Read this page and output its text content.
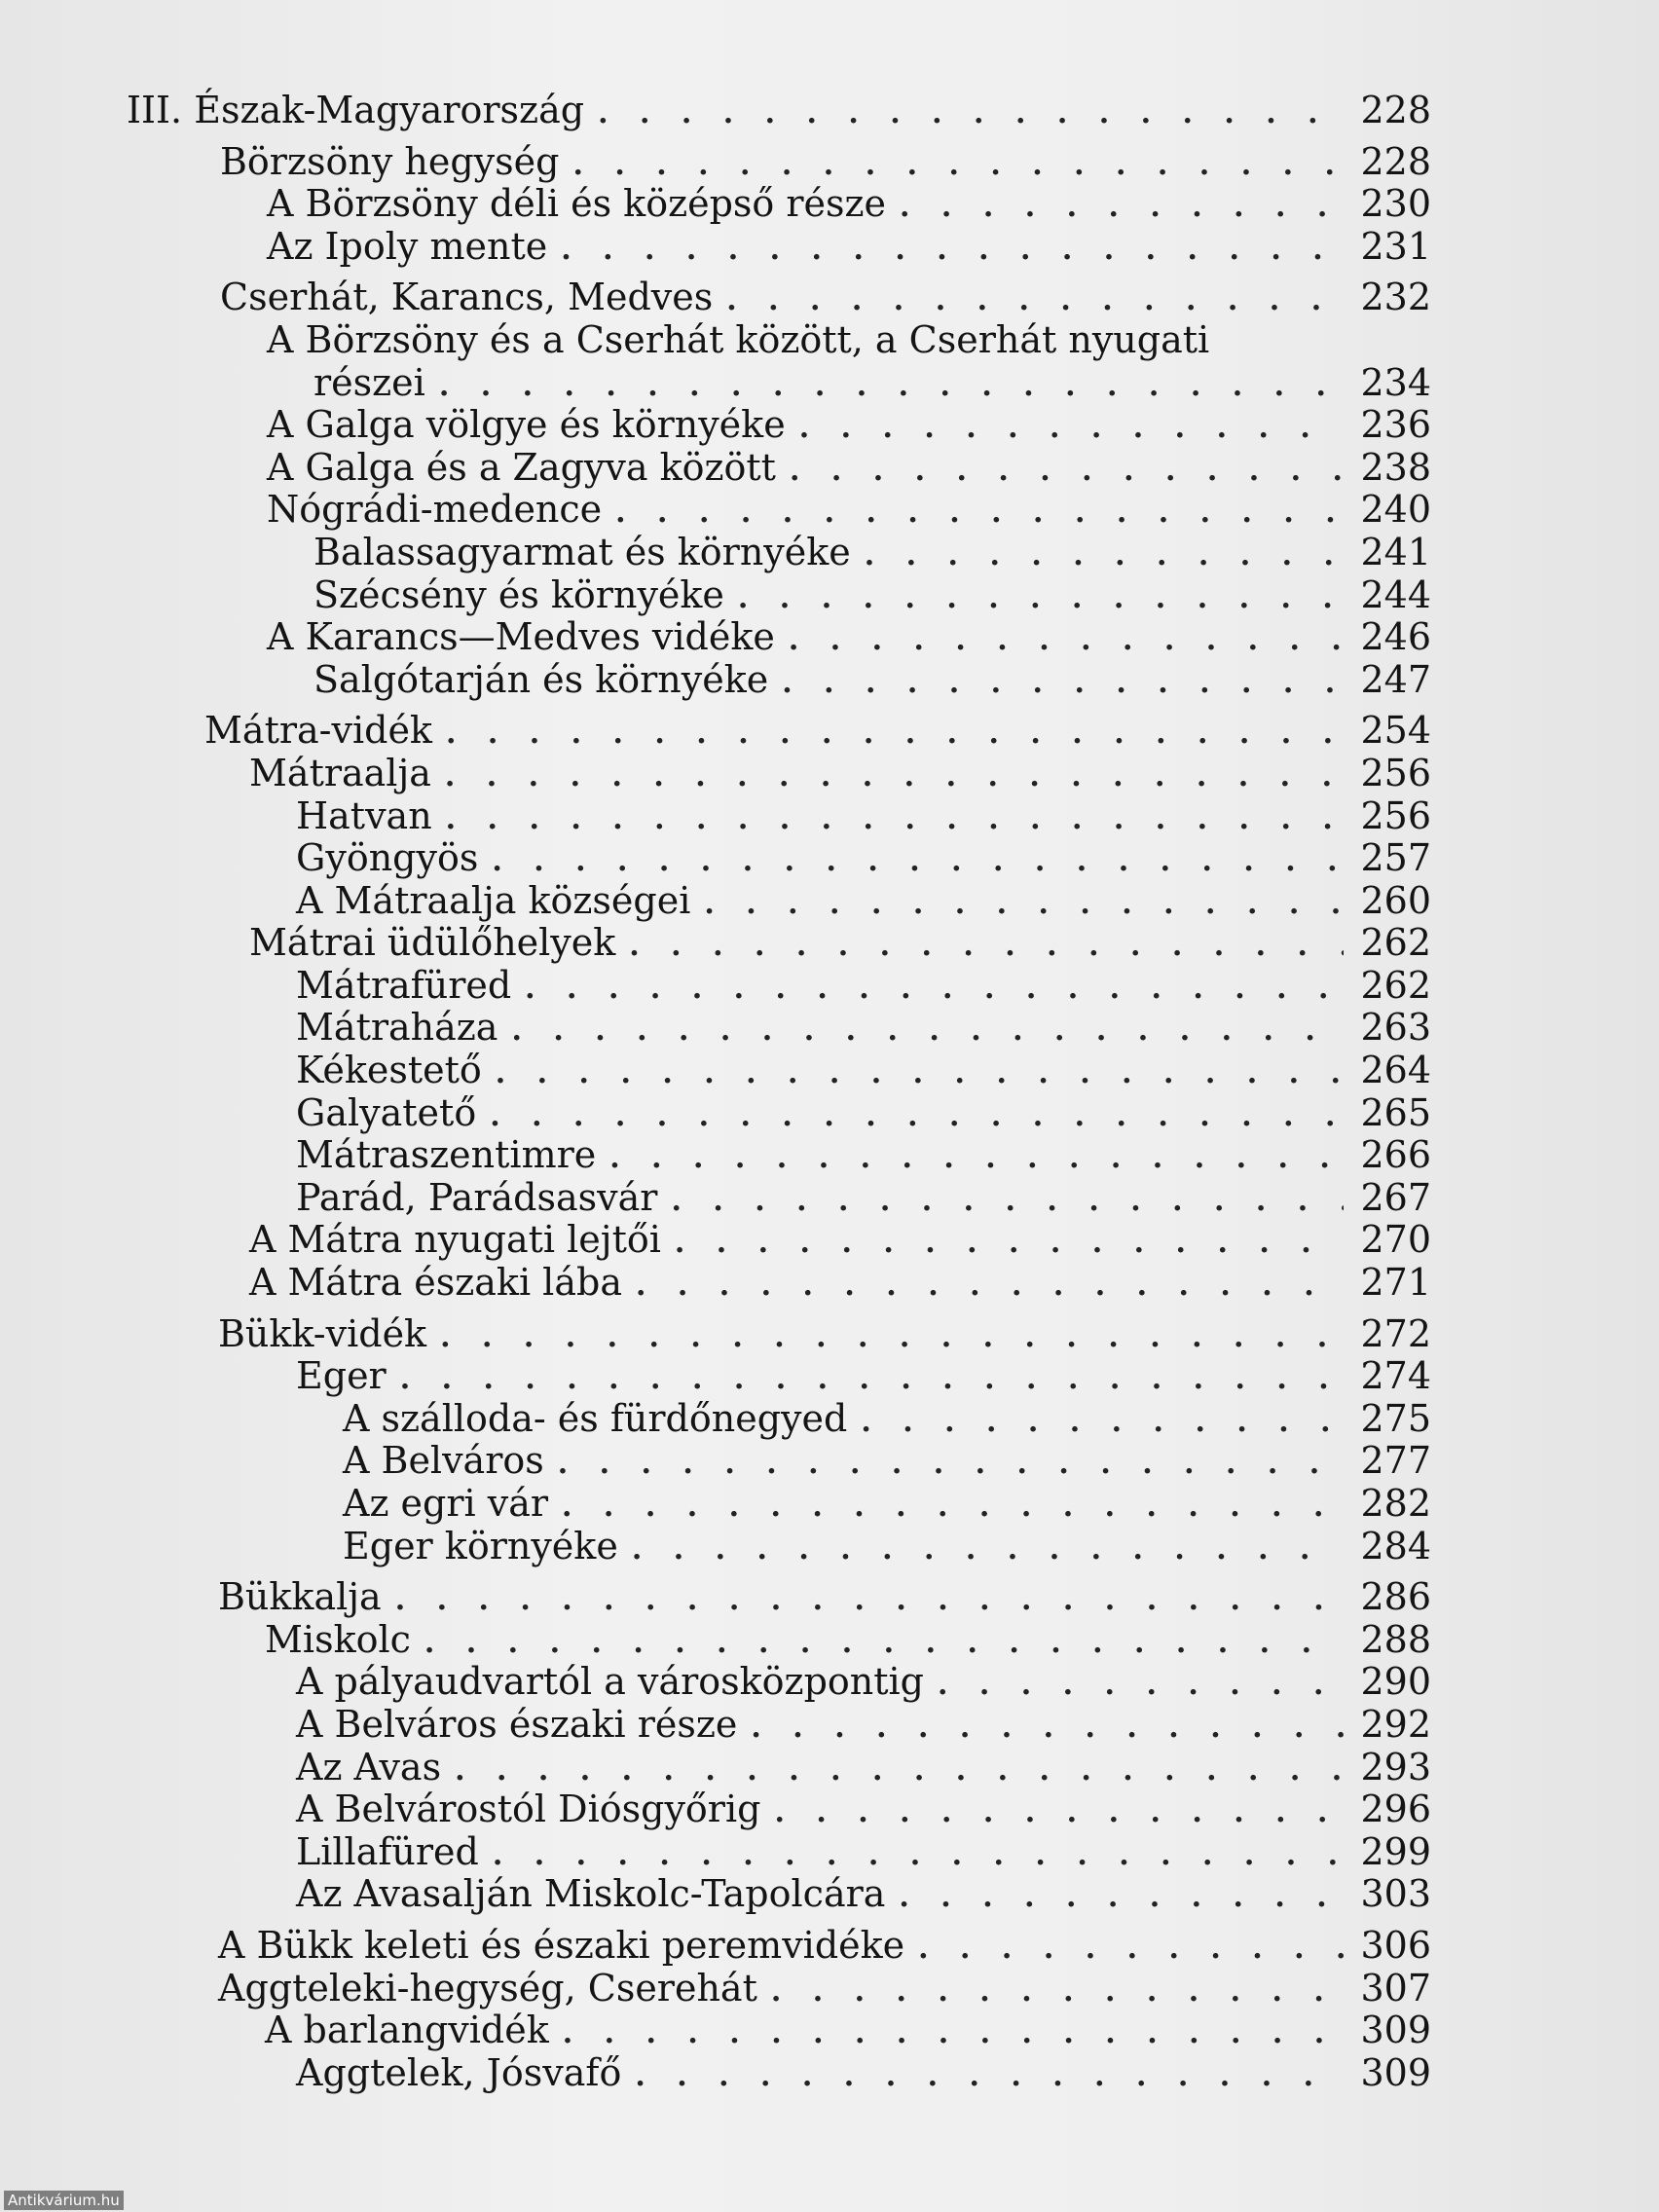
III. Észak-Magyarország . . .	228
Börzsöny hegység . . .	228
A Börzsöny déli és középső része . . .	230
Az Ipoly mente . . .	231
Cserhát, Karancs, Medves . . .	232
A Börzsöny és a Cserhát között, a Cserhát nyugati
részei . . .	234
A Galga völgye és környéke . . .	236
A Galga és a Zagyva között . . .	238
Nógrádi-medence . . .	240
Balassagyarmat és környéke . . .	241
Szécsény és környéke . . .	244
A Karancs—Medves vidéke . . .	246
Salgótarján és környéke . . .	247
Mátra-vidék . . .	254
Mátraalja . . .	256
Hatvan . . .	256
Gyöngyös . . .	257
A Mátraalja községei . . .	260
Mátrai üdülőhelyek . . .	262
Mátrafüred . . .	262
Mátraháza . . .	263
Kékestető . . .	264
Galyatető . . .	265
Mátraszentimre . . .	266
Parád, Parádsasvár . . .	267
A Mátra nyugati lejtői . . .	270
A Mátra északi lába . . .	271
Bükk-vidék . . .	272
Eger . . .	274
A szálloda- és fürdőnegyed . . .	275
A Belváros . . .	277
Az egri vár . . .	282
Eger környéke . . .	284
Bükkalja . . .	286
Miskolc . . .	288
A pályaudvartól a városközpontig . . .	290
A Belváros északi része . . .	292
Az Avas . . .	293
A Belvárostól Diósgyőrig . . .	296
Lillafüred . . .	299
Az Avasalján Miskolc-Tapolcára . . .	303
A Bükk keleti és északi peremvidéke . . .	306
Aggteleki-hegység, Cserehát . . .	307
A barlangvidék . . .	309
Aggtelek, Jósvafő . . .	309
Antikvárium.hu
